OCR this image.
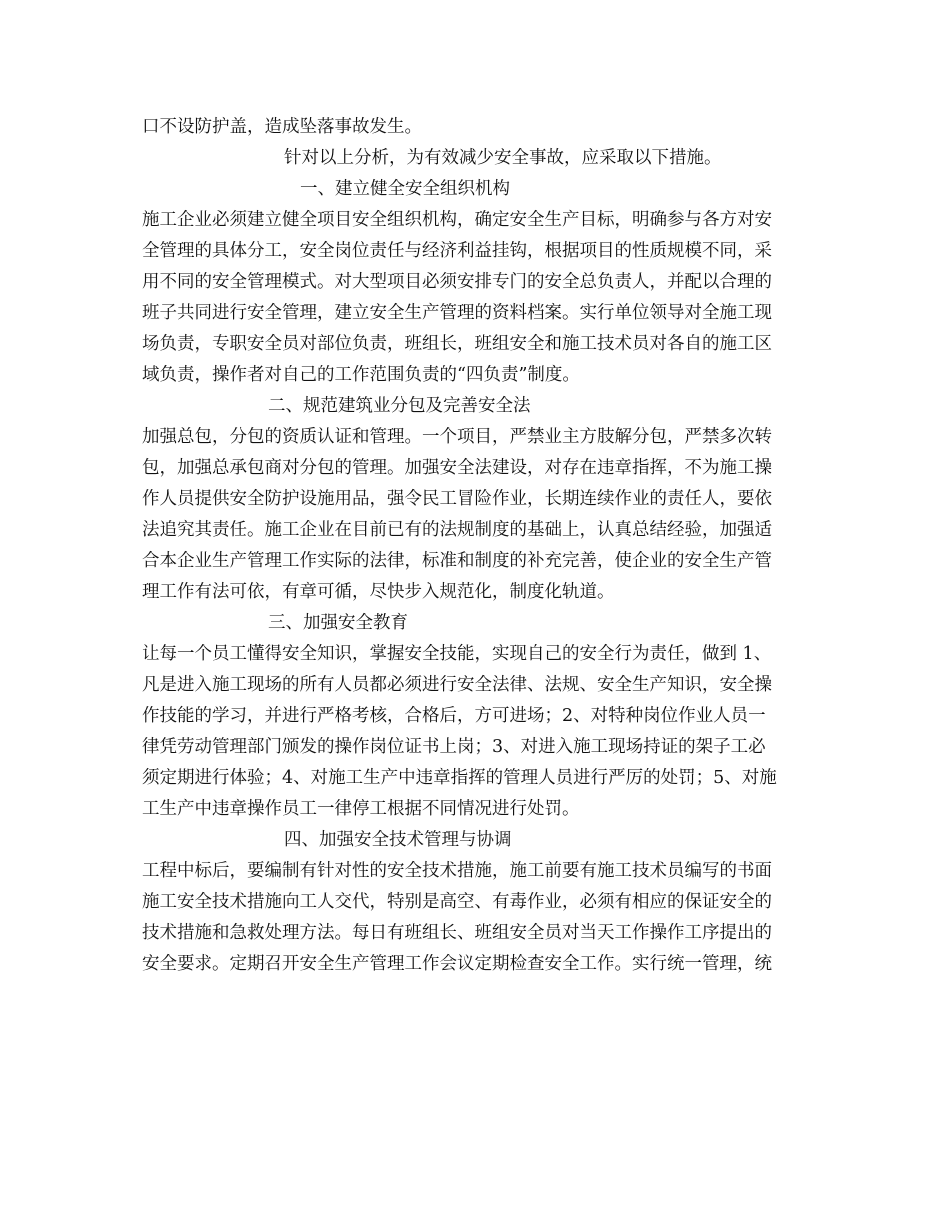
口不设防护盖，造成坠落事故发生。
针对以上分析，为有效减少安全事故，应采取以下措施。
一、建立健全安全组织机构
施工企业必须建立健全项目安全组织机构，确定安全生产目标，明确参与各方对安
全管理的具体分工，安全岗位责任与经济利益挂钩，根据项目的性质规模不同，采
用不同的安全管理模式。对大型项目必须安排专门的安全总负责人，并配以合理的
班子共同进行安全管理，建立安全生产管理的资料档案。实行单位领导对全施工现
场负责，专职安全员对部位负责，班组长，班组安全和施工技术员对各自的施工区
域负责，操作者对自己的工作范围负责的“四负责”制度。
二、规范建筑业分包及完善安全法
加强总包，分包的资质认证和管理。一个项目，严禁业主方肢解分包，严禁多次转
包，加强总承包商对分包的管理。加强安全法建设，对存在违章指挥，不为施工操
作人员提供安全防护设施用品，强令民工冒险作业，长期连续作业的责任人，要依
法追究其责任。施工企业在目前已有的法规制度的基础上，认真总结经验，加强适
合本企业生产管理工作实际的法律，标准和制度的补充完善，使企业的安全生产管
理工作有法可依，有章可循，尽快步入规范化，制度化轨道。
三、加强安全教育
让每一个员工懂得安全知识，掌握安全技能，实现自己的安全行为责任，做到 1、
凡是进入施工现场的所有人员都必须进行安全法律、法规、安全生产知识，安全操
作技能的学习，并进行严格考核，合格后，方可进场；2、对特种岗位作业人员一
律凭劳动管理部门颁发的操作岗位证书上岗；3、对进入施工现场持证的架子工必
须定期进行体验；4、对施工生产中违章指挥的管理人员进行严厉的处罚；5、对施
工生产中违章操作员工一律停工根据不同情况进行处罚。
四、加强安全技术管理与协调
工程中标后，要编制有针对性的安全技术措施，施工前要有施工技术员编写的书面
施工安全技术措施向工人交代，特别是高空、有毒作业，必须有相应的保证安全的
技术措施和急救处理方法。每日有班组长、班组安全员对当天工作操作工序提出的
安全要求。定期召开安全生产管理工作会议定期检查安全工作。实行统一管理，统
